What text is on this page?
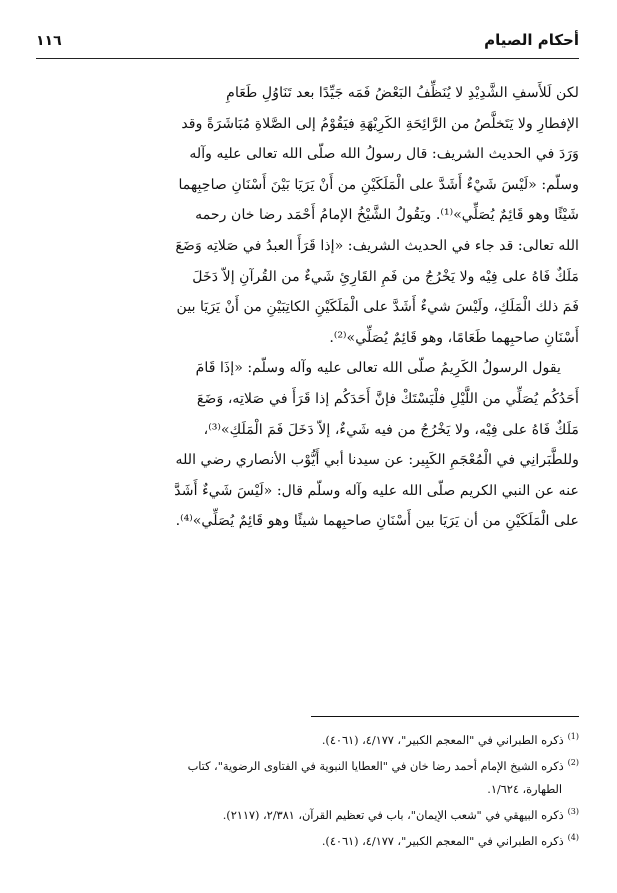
أحكام الصيام
١١٦
لكن لَلأَسفِ الشَّدِيْدِ لا يُنَظِّفُ البَعْضُ فَمَه جَيِّدًا بعد تَنَاوُلِ طَعَامِ
الإفطارِ ولا يَتَخلَّصُ من الرَّائِحَةِ الكَرِيْهَةِ فيَقُوْمُ إلى الصَّلاةِ مُبَاشَرَةً وقد
وَرَدَ في الحديث الشريف: قال رسولُ الله صلّى الله تعالى عليه وآله
وسلّم: «لَيْسَ شَيْءٌ أَشَدَّ على الْمَلَكَيْنِ من أَنْ يَرَيَا بَيْنَ أَسْنَانِ صاحِبِهما
شَيْئًا وهو قَائِمٌ يُصَلِّي»⁽¹⁾. ويَقُولُ الشَّيْخُ الإمامُ أَحْمَد رضا خان رحمه
الله تعالى: قد جاء في الحديث الشريف: «إذا قَرَأَ العبدُ في صَلاتِه وَضَعَ
مَلَكٌ فَاهُ على فِيْه ولا يَخْرُجُ من فَمِ القَارِئِ شَيءٌ من القُرآنِ إلاّ دَخَلَ
فَمَ ذلك الْمَلَكِ، ولَيْسَ شيءٌ أَشَدَّ على الْمَلَكَيْنِ الكاتِبَيْنِ من أَنْ يَرَيَا بين
أَسْنَانِ صاحبِهما طَعَامًا، وهو قَائِمٌ يُصَلِّي»⁽²⁾.
يقول الرسولُ الكَرِيمُ صلّى الله تعالى عليه وآله وسلّم: «إذَا قَامَ
أَحَدُكُم يُصَلِّي من اللَّيْلِ فلْيَسْتَكْ فإنَّ أَحَدَكُم إذا قَرَأَ في صَلاتِه، وَضَعَ
مَلَكٌ فَاهُ على فِيْه، ولا يَخْرُجُ من فيه شَيءٌ، إلاّ دَخَلَ فَمَ الْمَلَكِ»⁽³⁾،
وللطَّبَرانِي في الْمُعْجَمِ الكَبِير: عن سيدنا أبي أَيُّوْب الأنصاري رضي الله
عنه عن النبي الكريم صلّى الله عليه وآله وسلّم قال: «لَيْسَ شَيءٌ أَشَدَّ
على الْمَلَكَيْنِ من أن يَرَيَا بين أَسْنَانِ صاحبِهما شيئًا وهو قَائِمٌ يُصَلِّي»⁽⁴⁾.
$^{(1)}$ذكره الطبراني في "المعجم الكبير"، ٤/١٧٧، (٤٠٦١).
$^{(2)}$ذكره الشيخ الإمام أحمد رضا خان في "العطايا النبوية في الفتاوى الرضوية"، كتاب
الطهارة، ١/٦٢٤.
$^{(3)}$ذكره البيهقي في "شعب الإيمان"، باب في تعظيم القرآن، ٢/٣٨١، (٢١١٧).
$^{(4)}$ذكره الطبراني في "المعجم الكبير"، ٤/١٧٧، (٤٠٦١).
